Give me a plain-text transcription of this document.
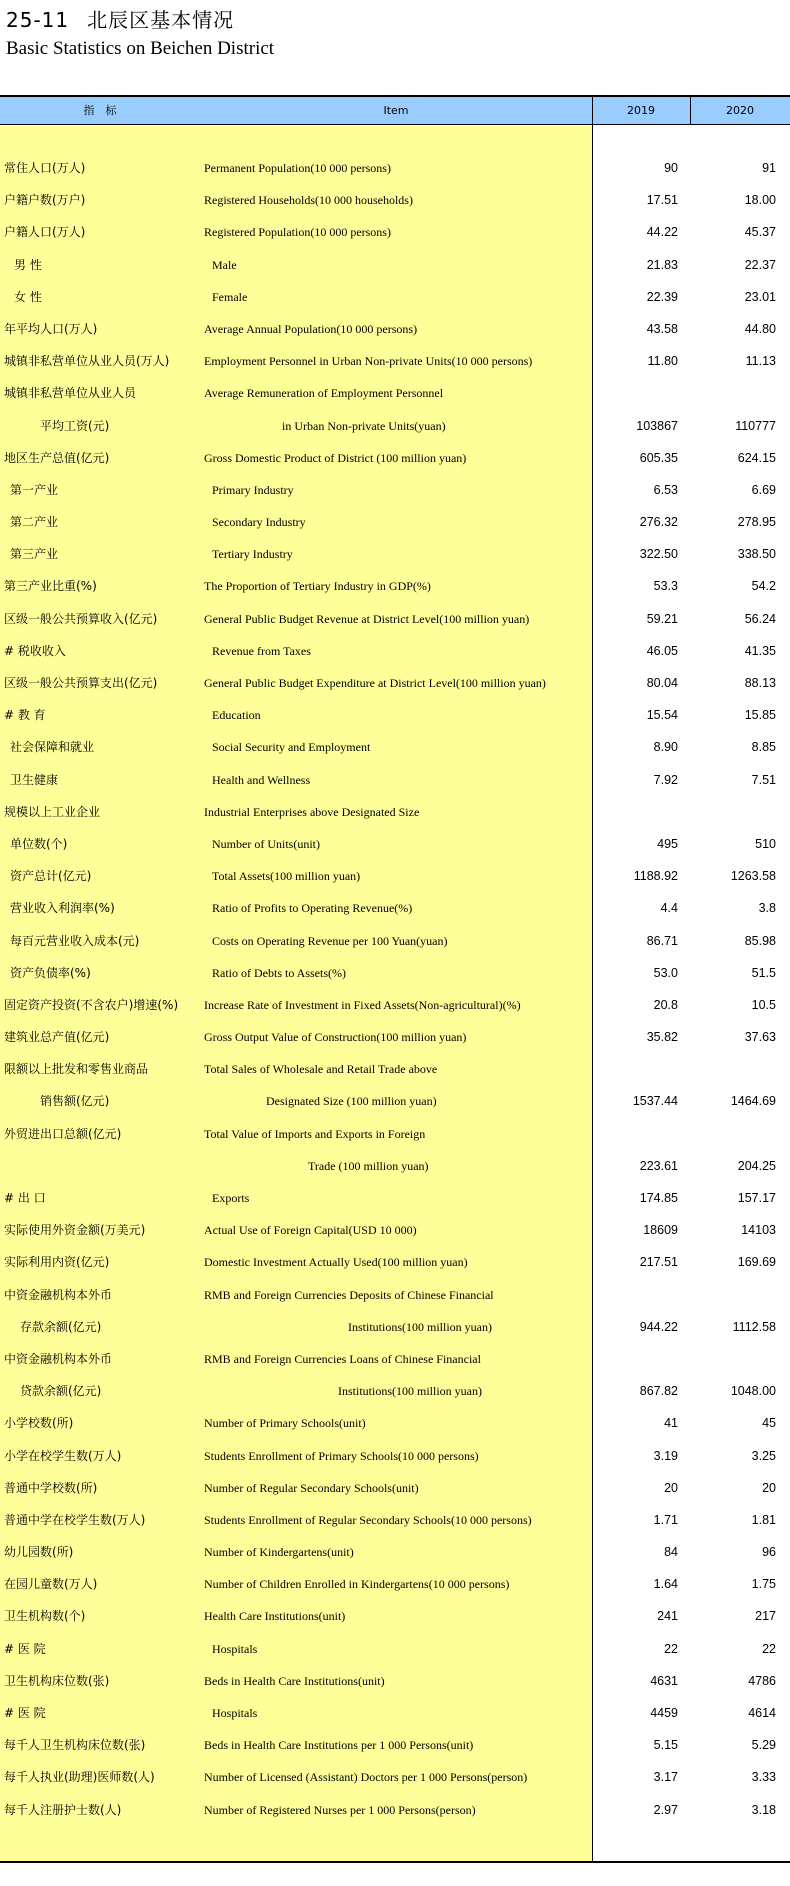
25-11 北辰区基本情况
Basic Statistics on Beichen District
指　标	Item	2019	2020
常住人口(万人)	Permanent Population(10 000 persons)	90	91
户籍户数(万户)	Registered Households(10 000 households)	17.51	18.00
户籍人口(万人)	Registered Population(10 000 persons)	44.22	45.37
男 性	Male	21.83	22.37
女 性	Female	22.39	23.01
年平均人口(万人)	Average Annual Population(10 000 persons)	43.58	44.80
城镇非私营单位从业人员(万人)	Employment Personnel in Urban Non-private Units(10 000 persons)	11.80	11.13
城镇非私营单位从业人员	Average Remuneration of Employment Personnel
平均工资(元)	in Urban Non-private Units(yuan)	103867	110777
地区生产总值(亿元)	Gross Domestic Product of District (100 million yuan)	605.35	624.15
第一产业	Primary Industry	6.53	6.69
第二产业	Secondary Industry	276.32	278.95
第三产业	Tertiary Industry	322.50	338.50
第三产业比重(%)	The Proportion of Tertiary Industry in GDP(%)	53.3	54.2
区级一般公共预算收入(亿元)	General Public Budget Revenue at District Level(100 million yuan)	59.21	56.24
# 税收收入	Revenue from Taxes	46.05	41.35
区级一般公共预算支出(亿元)	General Public Budget Expenditure at District Level(100 million yuan)	80.04	88.13
# 教 育	Education	15.54	15.85
社会保障和就业	Social Security and Employment	8.90	8.85
卫生健康	Health and Wellness	7.92	7.51
规模以上工业企业	Industrial Enterprises above Designated Size
单位数(个)	Number of Units(unit)	495	510
资产总计(亿元)	Total Assets(100 million yuan)	1188.92	1263.58
营业收入利润率(%)	Ratio of Profits to Operating Revenue(%)	4.4	3.8
每百元营业收入成本(元)	Costs on Operating Revenue per 100 Yuan(yuan)	86.71	85.98
资产负债率(%)	Ratio of Debts to Assets(%)	53.0	51.5
固定资产投资(不含农户)增速(%) Increase Rate of Investment in Fixed Assets(Non-agricultural)(%)	20.8	10.5
建筑业总产值(亿元)	Gross Output Value of Construction(100 million yuan)	35.82	37.63
限额以上批发和零售业商品	Total Sales of Wholesale and Retail Trade above
销售额(亿元)	Designated Size (100 million yuan)	1537.44	1464.69
外贸进出口总额(亿元)	Total Value of Imports and Exports in Foreign
Trade (100 million yuan)	223.61	204.25
# 出 口	Exports	174.85	157.17
实际使用外资金额(万美元)	Actual Use of Foreign Capital(USD 10 000)	18609	14103
实际利用内资(亿元)	Domestic Investment Actually Used(100 million yuan)	217.51	169.69
中资金融机构本外币	RMB and Foreign Currencies Deposits of Chinese Financial
存款余额(亿元)	Institutions(100 million yuan)	944.22	1112.58
中资金融机构本外币	RMB and Foreign Currencies Loans of Chinese Financial
贷款余额(亿元)	Institutions(100 million yuan)	867.82	1048.00
小学校数(所)	Number of Primary Schools(unit)	41	45
小学在校学生数(万人)	Students Enrollment of Primary Schools(10 000 persons)	3.19	3.25
普通中学校数(所)	Number of Regular Secondary Schools(unit)	20	20
普通中学在校学生数(万人)	Students Enrollment of Regular Secondary Schools(10 000 persons)	1.71	1.81
幼儿园数(所)	Number of Kindergartens(unit)	84	96
在园儿童数(万人)	Number of Children Enrolled in Kindergartens(10 000 persons)	1.64	1.75
卫生机构数(个)	Health Care Institutions(unit)	241	217
# 医 院	Hospitals	22	22
卫生机构床位数(张)	Beds in Health Care Institutions(unit)	4631	4786
# 医 院	Hospitals	4459	4614
每千人卫生机构床位数(张)	Beds in Health Care Institutions per 1 000 Persons(unit)	5.15	5.29
每千人执业(助理)医师数(人)	Number of Licensed (Assistant) Doctors per 1 000 Persons(person)	3.17	3.33
每千人注册护士数(人)	Number of Registered Nurses per 1 000 Persons(person)	2.97	3.18
